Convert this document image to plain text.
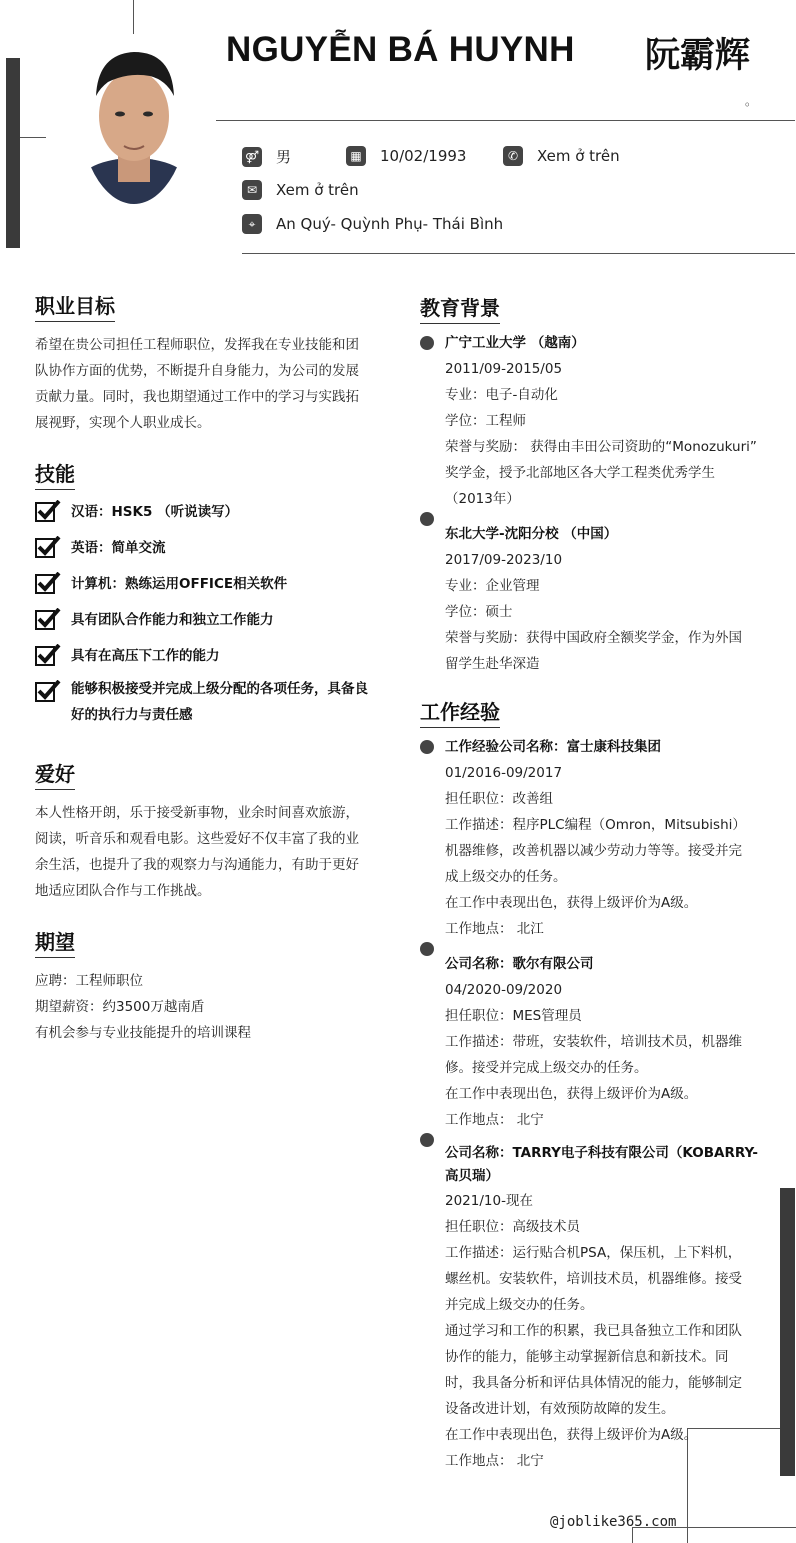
NGUYỄN BÁ HUYNH 阮霸辉
。
⚤ 男	▦ 10/02/1993	✆	Xem ở trên
✉	Xem ở trên
⌖	An Quý- Quỳnh Phụ- Thái Bình
职业目标
希望在贵公司担任工程师职位，发挥我在专业技能和团
队协作方面的优势，不断提升自身能力，为公司的发展
贡献力量。同时，我也期望通过工作中的学习与实践拓
展视野，实现个人职业成长。
技能
汉语：HSK5 （听说读写）
英语：简单交流
计算机：熟练运用OFFICE相关软件
具有团队合作能力和独立工作能力
具有在高压下工作的能力
能够积极接受并完成上级分配的各项任务，具备良
好的执行力与责任感
爱好
本人性格开朗，乐于接受新事物，业余时间喜欢旅游，
阅读，听音乐和观看电影。这些爱好不仅丰富了我的业
余生活，也提升了我的观察力与沟通能力，有助于更好
地适应团队合作与工作挑战。
期望
应聘：工程师职位
期望薪资：约3500万越南盾
有机会参与专业技能提升的培训课程
教育背景
广宁工业大学 （越南）
2011/09-2015/05
专业：电子-自动化
学位：工程师
荣誉与奖励： 获得由丰田公司资助的“Monozukuri”
奖学金，授予北部地区各大学工程类优秀学生
（2013年）
东北大学-沈阳分校 （中国）
2017/09-2023/10
专业：企业管理
学位：硕士
荣誉与奖励：获得中国政府全额奖学金，作为外国
留学生赴华深造
工作经验
工作经验公司名称：富士康科技集团
01/2016-09/2017
担任职位：改善组
工作描述：程序PLC编程（Omron，Mitsubishi）
机器维修，改善机器以减少劳动力等等。接受并完
成上级交办的任务。
在工作中表现出色，获得上级评价为A级。
工作地点： 北江
公司名称：歌尔有限公司
04/2020-09/2020
担任职位：MES管理员
工作描述：带班，安装软件，培训技术员，机器维
修。接受并完成上级交办的任务。
在工作中表现出色，获得上级评价为A级。
工作地点： 北宁
公司名称：TARRY电子科技有限公司（KOBARRY-
高贝瑞）
2021/10-现在
担任职位：高级技术员
工作描述：运行贴合机PSA，保压机，上下料机，
螺丝机。安装软件，培训技术员，机器维修。接受
并完成上级交办的任务。
通过学习和工作的积累，我已具备独立工作和团队
协作的能力，能够主动掌握新信息和新技术。同
时，我具备分析和评估具体情况的能力，能够制定
设备改进计划，有效预防故障的发生。
在工作中表现出色，获得上级评价为A级。
工作地点： 北宁
@joblike365.com
